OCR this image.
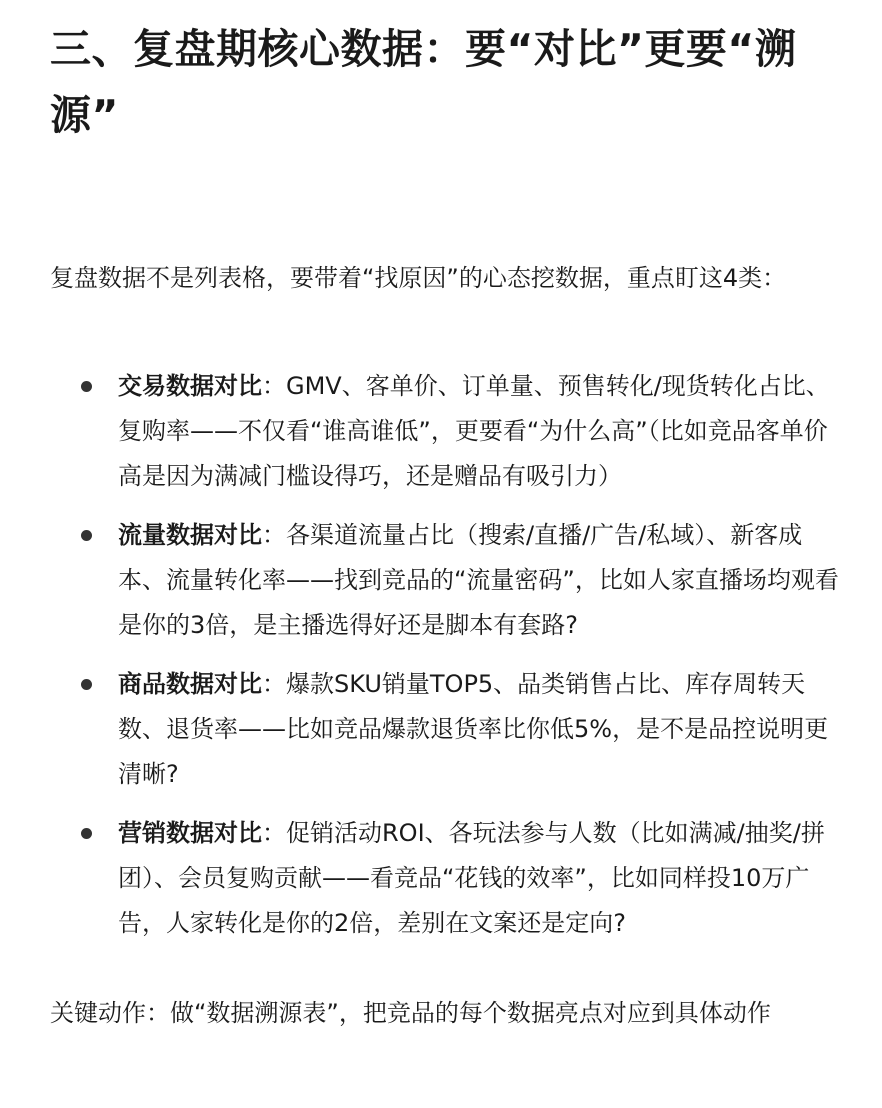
三、复盘期核心数据：要“对比”更要“溯源”

复盘数据不是列表格，要带着“找原因”的心态挖数据，重点盯这4类：

交易数据对比：GMV、客单价、订单量、预售转化/现货转化占比、复购率——不仅看“谁高谁低”，更要看“为什么高”（比如竞品客单价高是因为满减门槛设得巧，还是赠品有吸引力）
流量数据对比：各渠道流量占比（搜索/直播/广告/私域）、新客成本、流量转化率——找到竞品的“流量密码”，比如人家直播场均观看是你的3倍，是主播选得好还是脚本有套路?
商品数据对比：爆款SKU销量TOP5、品类销售占比、库存周转天数、退货率——比如竞品爆款退货率比你低5%，是不是品控说明更清晰?
营销数据对比：促销活动ROI、各玩法参与人数（比如满减/抽奖/拼团）、会员复购贡献——看竞品“花钱的效率”，比如同样投10万广告，人家转化是你的2倍，差别在文案还是定向?

关键动作：做“数据溯源表”，把竞品的每个数据亮点对应到具体动作
